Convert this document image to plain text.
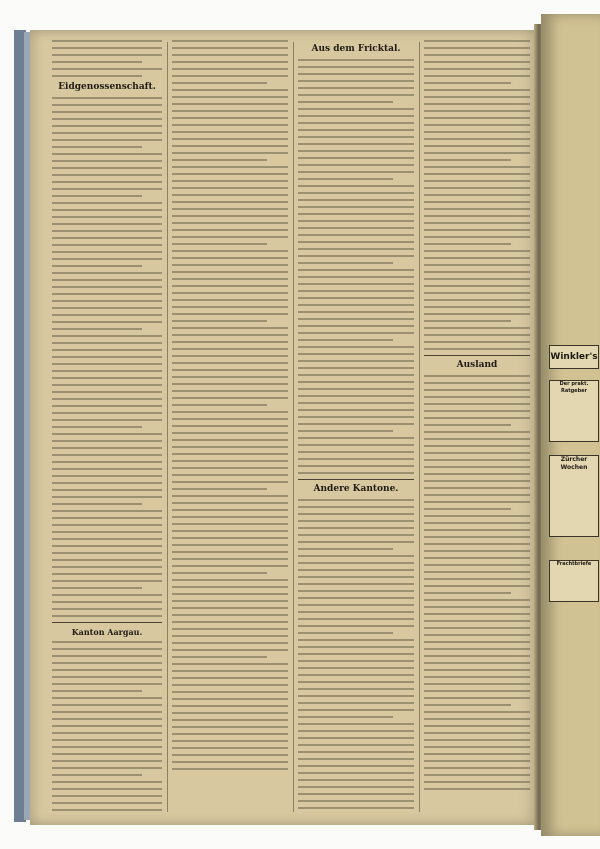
Eidgenossenschaft.
Kanton Aargau.
Aus dem Fricktal.
Andere Kantone.
Ausland
Winkler's
Der prakt. Ratgeber
Zürcher Wochen
Frachtbriefe
